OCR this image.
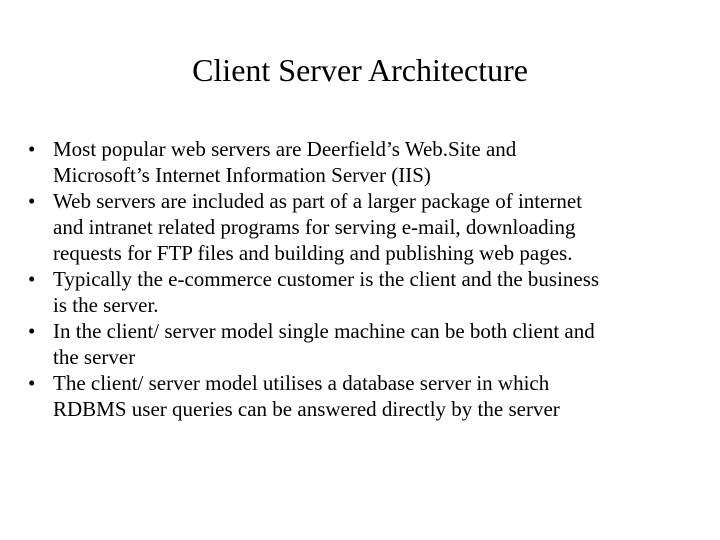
Client Server Architecture
• Most popular web servers are Deerfield’s Web.Site and
Microsoft’s Internet Information Server (IIS)
• Web servers are included as part of a larger package of internet
and intranet related programs for serving e-mail, downloading
requests for FTP files and building and publishing web pages.
• Typically the e-commerce customer is the client and the business
is the server.
• In the client/ server model single machine can be both client and
the server
• The client/ server model utilises a database server in which
RDBMS user queries can be answered directly by the server
